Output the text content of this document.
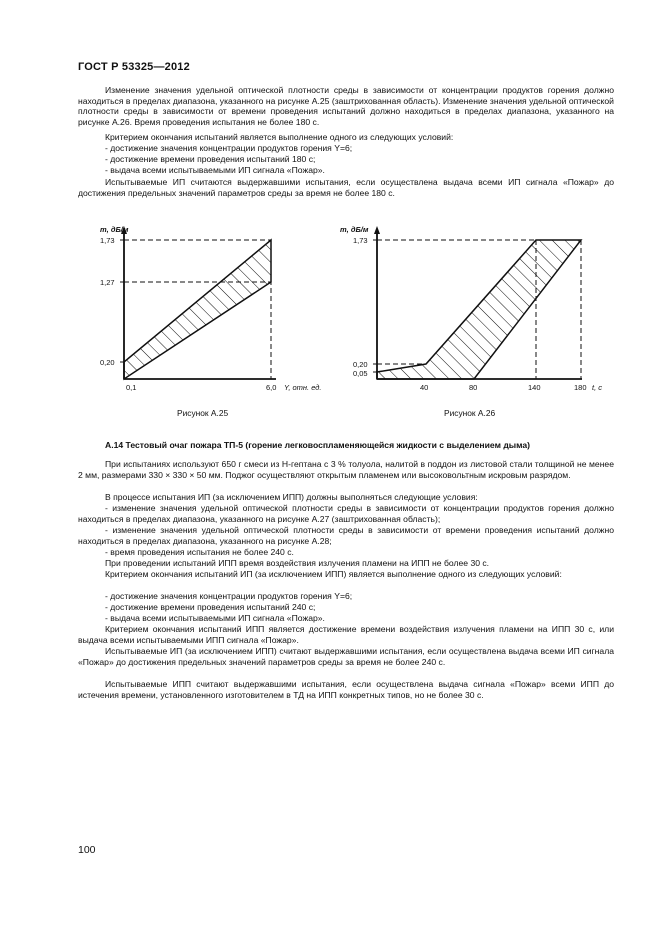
ГОСТ Р 53325—2012

Изменение значения удельной оптической плотности среды в зависимости от концентрации продуктов горения должно находиться в пределах диапазона, указанного на рисунке А.25 (заштрихованная область). Изменение значения удельной оптической плотности среды в зависимости от времени проведения испытаний должно находиться в пределах диапазона, указанного на рисунке А.26. Время проведения испытания не более 180 с.

Критерием окончания испытаний является выполнение одного из следующих условий:
- достижение значения концентрации продуктов горения Y=6;
- достижение времени проведения испытаний 180 с;
- выдача всеми испытываемыми ИП сигнала «Пожар».

Испытываемые ИП считаются выдержавшими испытания, если осуществлена выдача всеми ИП сигнала «Пожар» до достижения предельных значений параметров среды за время не более 180 с.

m, дБ/м
1,73
1,27
0,20
0,1	6,0 Y, отн. ед.
Рисунок А.25
m, дБ/м
1,73
0,20
0,05
40	80	140	180 t, с
Рисунок А.26
А.14 Тестовый очаг пожара ТП-5 (горение легковоспламеняющейся жидкости с выделением дыма)

При испытаниях используют 650 г смеси из Н-гептана с 3 % толуола, налитой в поддон из листовой стали толщиной не менее 2 мм, размерами 330 × 330 × 50 мм. Поджог осуществляют открытым пламенем или высоковольтным искровым разрядом.

В процессе испытания ИП (за исключением ИПП) должны выполняться следующие условия:

- изменение значения удельной оптической плотности среды в зависимости от концентрации продуктов горения должно находиться в пределах диапазона, указанного на рисунке А.27 (заштрихованная область);

- изменение значения удельной оптической плотности среды в зависимости от времени проведения испытаний должно находиться в пределах диапазона, указанного на рисунке А.28;

- время проведения испытания не более 240 с.
При проведении испытаний ИПП время воздействия излучения пламени на ИПП не более 30 с.

Критерием окончания испытаний ИП (за исключением ИПП) является выполнение одного из следующих условий:

- достижение значения концентрации продуктов горения Y=6;
- достижение времени проведения испытаний 240 с;
- выдача всеми испытываемыми ИП сигнала «Пожар».

Критерием окончания испытаний ИПП является достижение времени воздействия излучения пламени на ИПП 30 с, или выдача всеми испытываемыми ИПП сигнала «Пожар».

Испытываемые ИП (за исключением ИПП) считают выдержавшими испытания, если осуществлена выдача всеми ИП сигнала «Пожар» до достижения предельных значений параметров среды за время не более 240 с.

Испытываемые ИПП считают выдержавшими испытания, если осуществлена выдача сигнала «Пожар» всеми ИПП до истечения времени, установленного изготовителем в ТД на ИПП конкретных типов, но не более 30 с.

100
